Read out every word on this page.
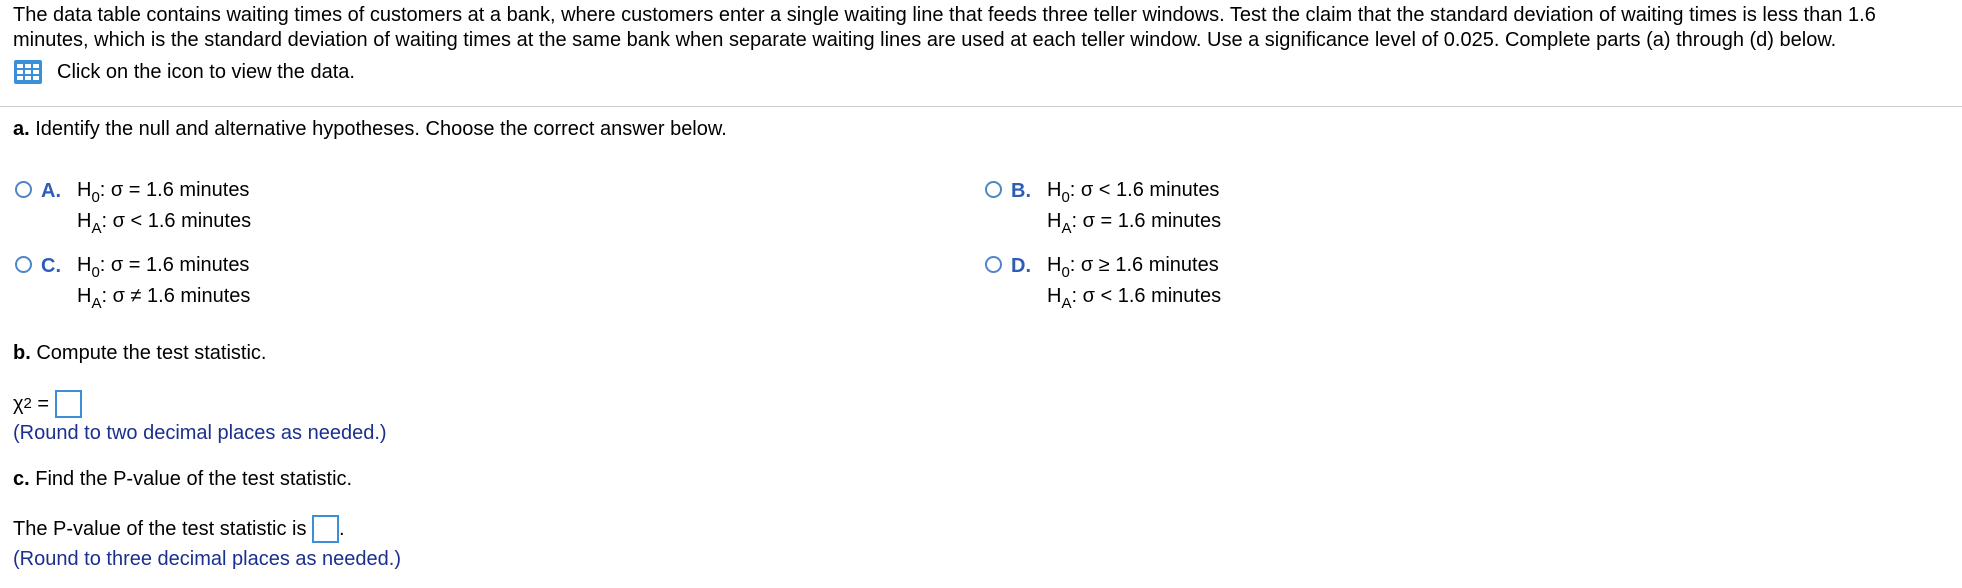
The data table contains waiting times of customers at a bank, where customers enter a single waiting line that feeds three teller windows. Test the claim that the standard deviation of waiting times is less than 1.6 minutes, which is the standard deviation of waiting times at the same bank when separate waiting lines are used at each teller window. Use a significance level of 0.025. Complete parts (a) through (d) below.
Click on the icon to view the data.
a. Identify the null and alternative hypotheses. Choose the correct answer below.
A. $H_0$: σ = 1.6 minutes
$H_A$: σ < 1.6 minutes
B. $H_0$: σ < 1.6 minutes
$H_A$: σ = 1.6 minutes
C. $H_0$: σ = 1.6 minutes
$H_A$: σ ≠ 1.6 minutes
D. $H_0$: σ ≥ 1.6 minutes
$H_A$: σ < 1.6 minutes
b. Compute the test statistic.
χ 2 =
(Round to two decimal places as needed.)
c. Find the P-value of the test statistic.
The P-value of the test statistic is .
(Round to three decimal places as needed.)
